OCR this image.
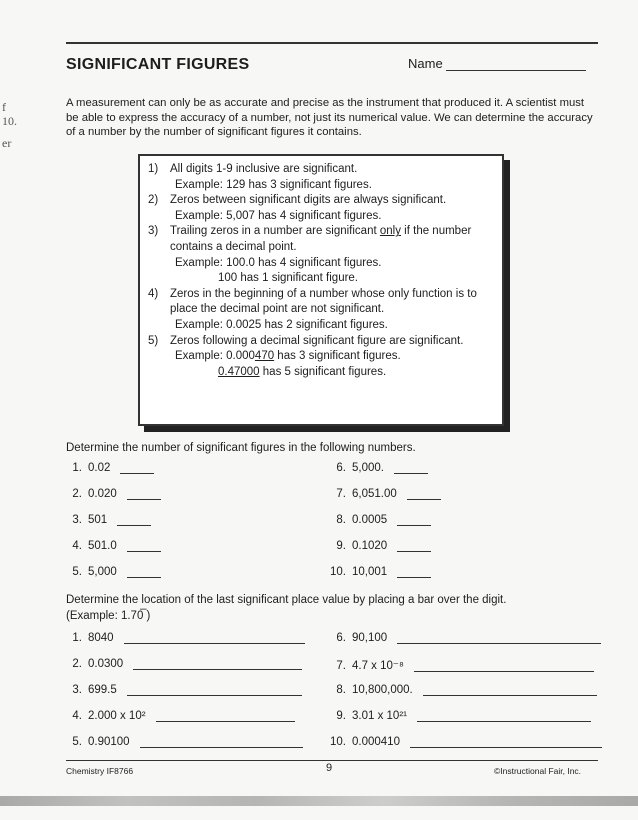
f
10.
er
SIGNIFICANT FIGURES	Name
A measurement can only be as accurate and precise as the instrument that produced it. A scientist must be able to express the accuracy of a number, not just its numerical value. We can determine the accuracy of a number by the number of significant figures it contains.
1)	All digits 1-9 inclusive are significant.
Example: 129 has 3 significant figures.
2)	Zeros between significant digits are always significant.
Example: 5,007 has 4 significant figures.
3)	Trailing zeros in a number are significant only if the number contains a decimal point.
Example: 100.0 has 4 significant figures.
100 has 1 significant figure.
4)	Zeros in the beginning of a number whose only function is to place the decimal point are not significant.
Example: 0.0025 has 2 significant figures.
5)	Zeros following a decimal significant figure are significant.
Example: 0.000470 has 3 significant figures.
0.47000 has 5 significant figures.
Determine the number of significant figures in the following numbers.
1. 0.02
2. 0.020
3. 501
4. 501.0
5. 5,000
6. 5,000.
7. 6,051.00
8. 0.0005
9. 0.1020
10. 10,001
Determine the location of the last significant place value by placing a bar over the digit.
(Example: 1.70̅ )
1. 8040
2. 0.0300
3. 699.5
4. 2.000 x 10²
5. 0.90100
6. 90,100
7. 4.7 x 10⁻⁸
8. 10,800,000.
9. 3.01 x 10²¹
10. 0.000410
Chemistry IF8766	9	©Instructional Fair, Inc.
